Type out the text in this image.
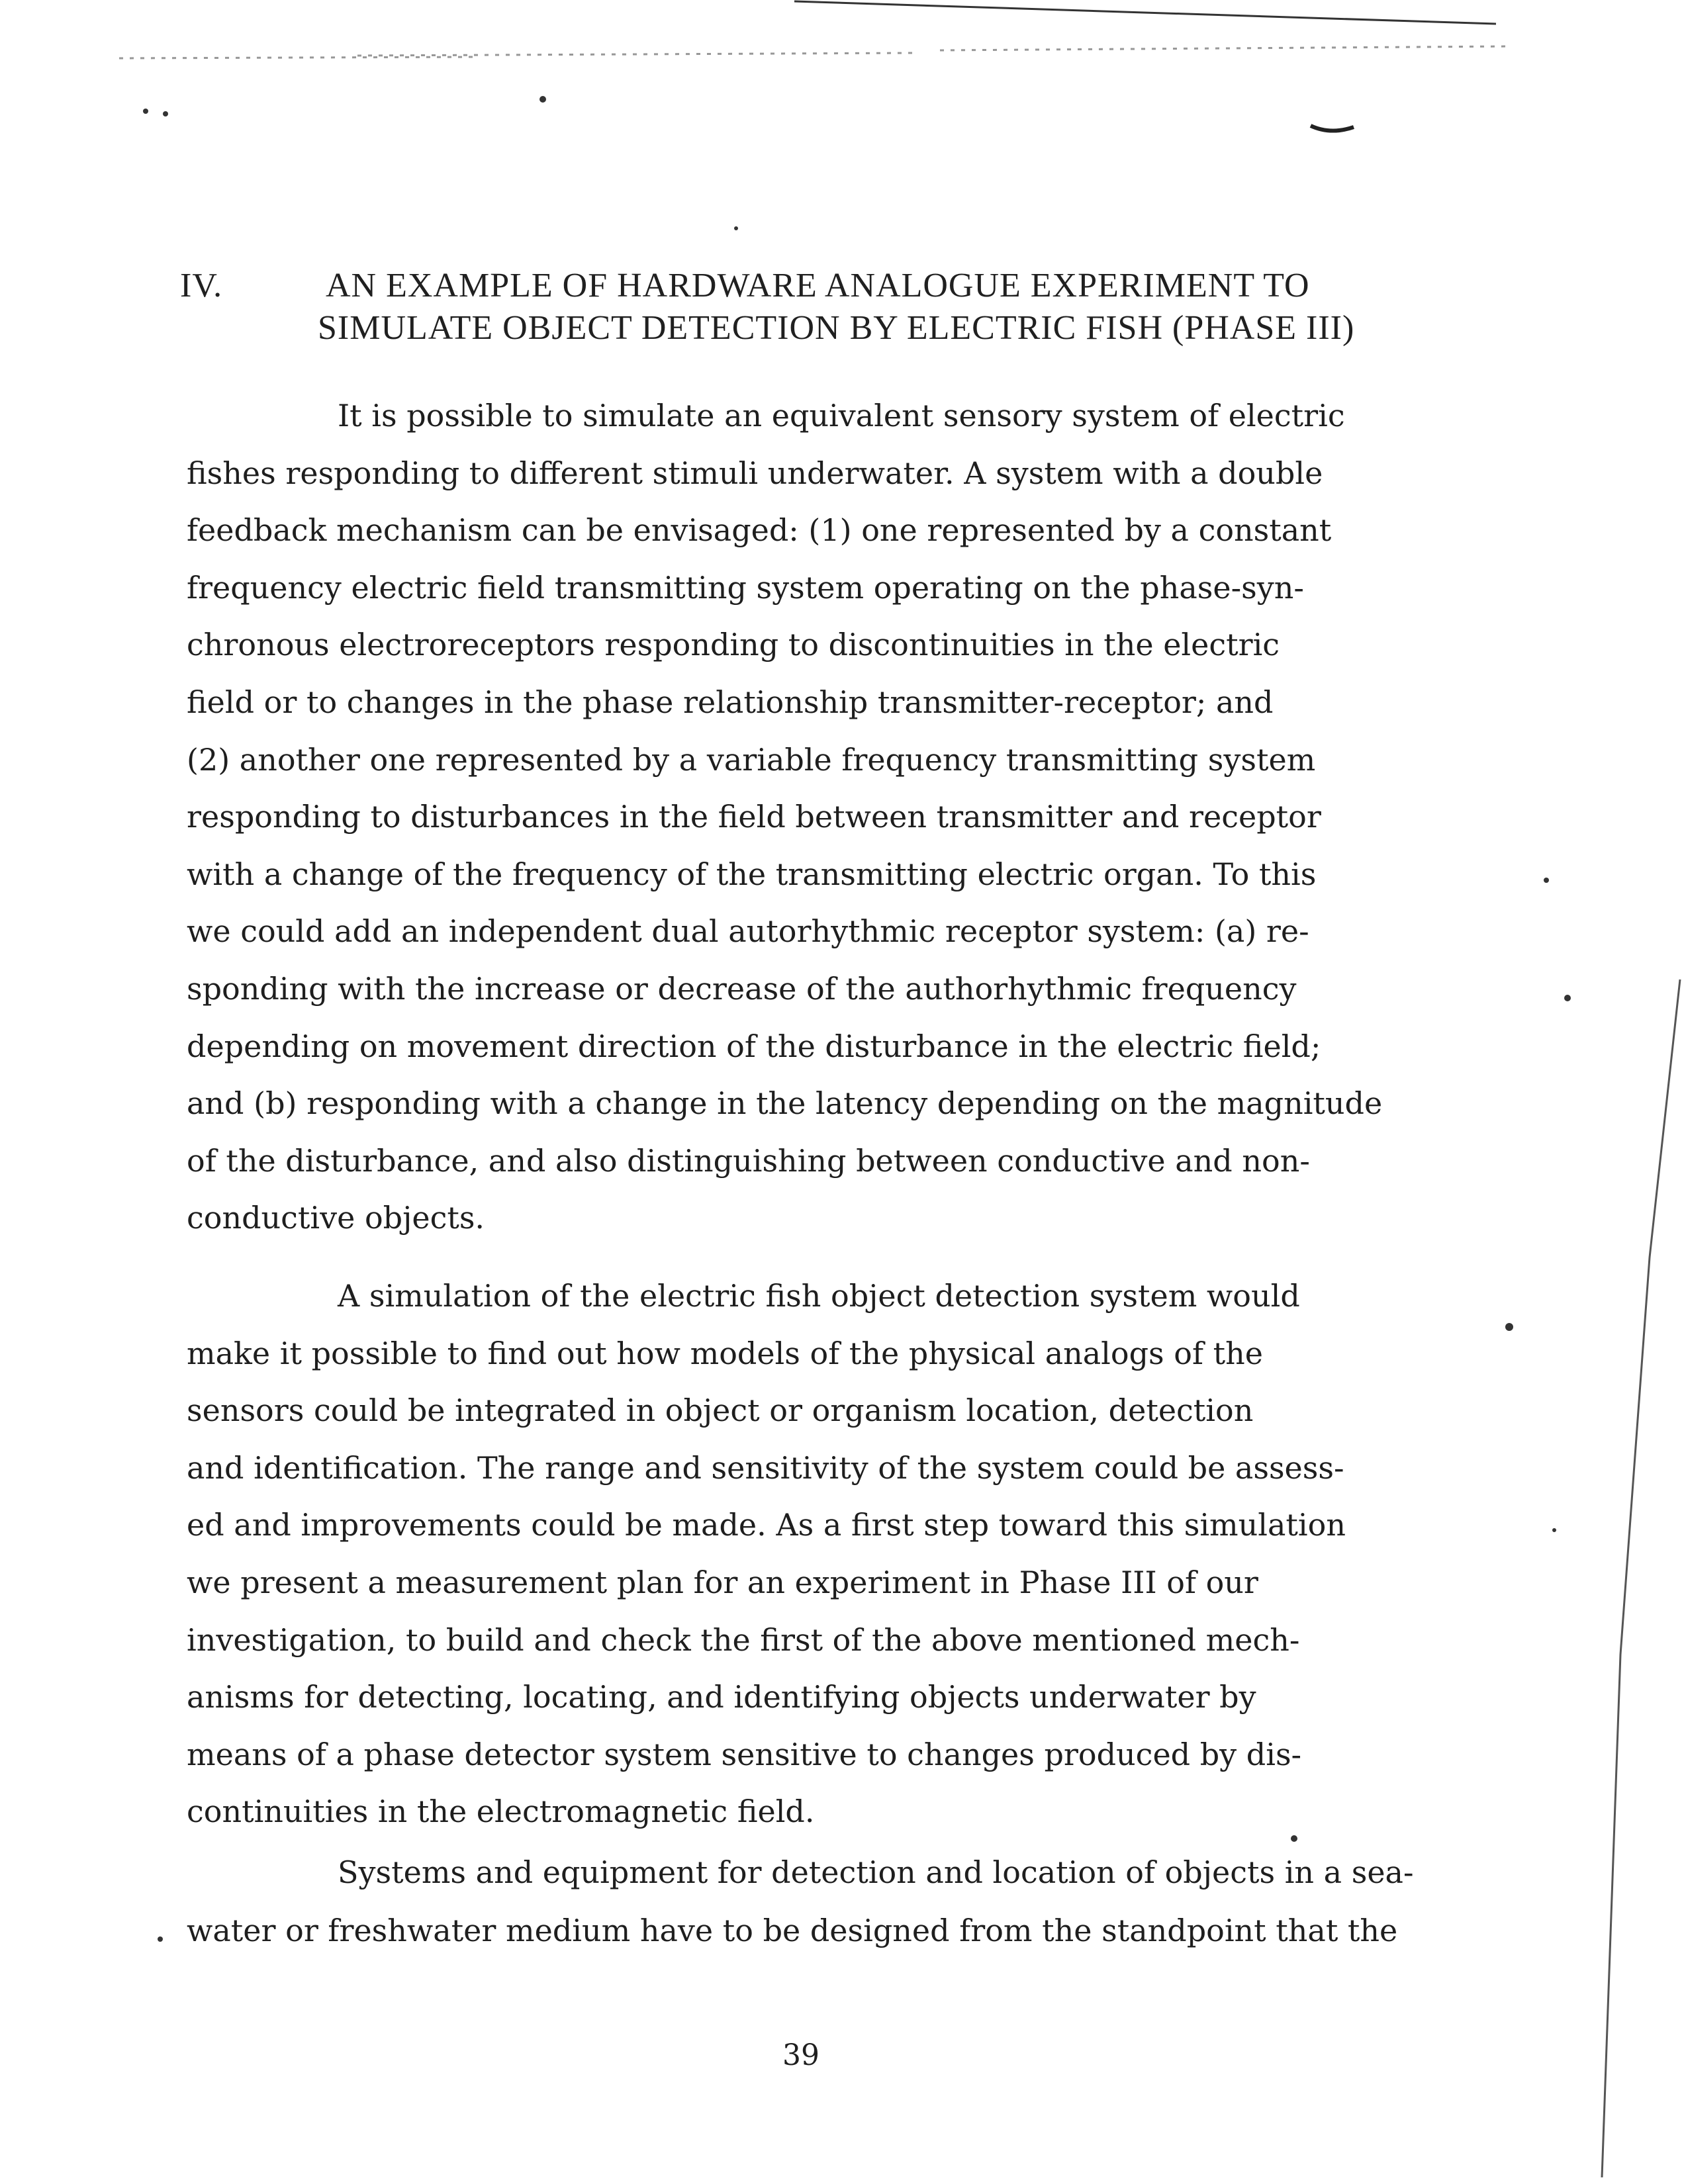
IV.	AN EXAMPLE OF HARDWARE ANALOGUE EXPERIMENT TO
SIMULATE OBJECT DETECTION BY ELECTRIC FISH (PHASE III)
It is possible to simulate an equivalent sensory system of electric
fishes responding to different stimuli underwater. A system with a double
feedback mechanism can be envisaged: (1) one represented by a constant
frequency electric field transmitting system operating on the phase-syn-
chronous electroreceptors responding to discontinuities in the electric
field or to changes in the phase relationship transmitter-receptor; and
(2) another one represented by a variable frequency transmitting system
responding to disturbances in the field between transmitter and receptor
with a change of the frequency of the transmitting electric organ. To this
we could add an independent dual autorhythmic receptor system: (a) re-
sponding with the increase or decrease of the authorhythmic frequency
depending on movement direction of the disturbance in the electric field;
and (b) responding with a change in the latency depending on the magnitude
of the disturbance, and also distinguishing between conductive and non-
conductive objects.
A simulation of the electric fish object detection system would
make it possible to find out how models of the physical analogs of the
sensors could be integrated in object or organism location, detection
and identification. The range and sensitivity of the system could be assess-
ed and improvements could be made. As a first step toward this simulation
we present a measurement plan for an experiment in Phase III of our
investigation, to build and check the first of the above mentioned mech-
anisms for detecting, locating, and identifying objects underwater by
means of a phase detector system sensitive to changes produced by dis-
continuities in the electromagnetic field.
Systems and equipment for detection and location of objects in a sea-
water or freshwater medium have to be designed from the standpoint that the
39
